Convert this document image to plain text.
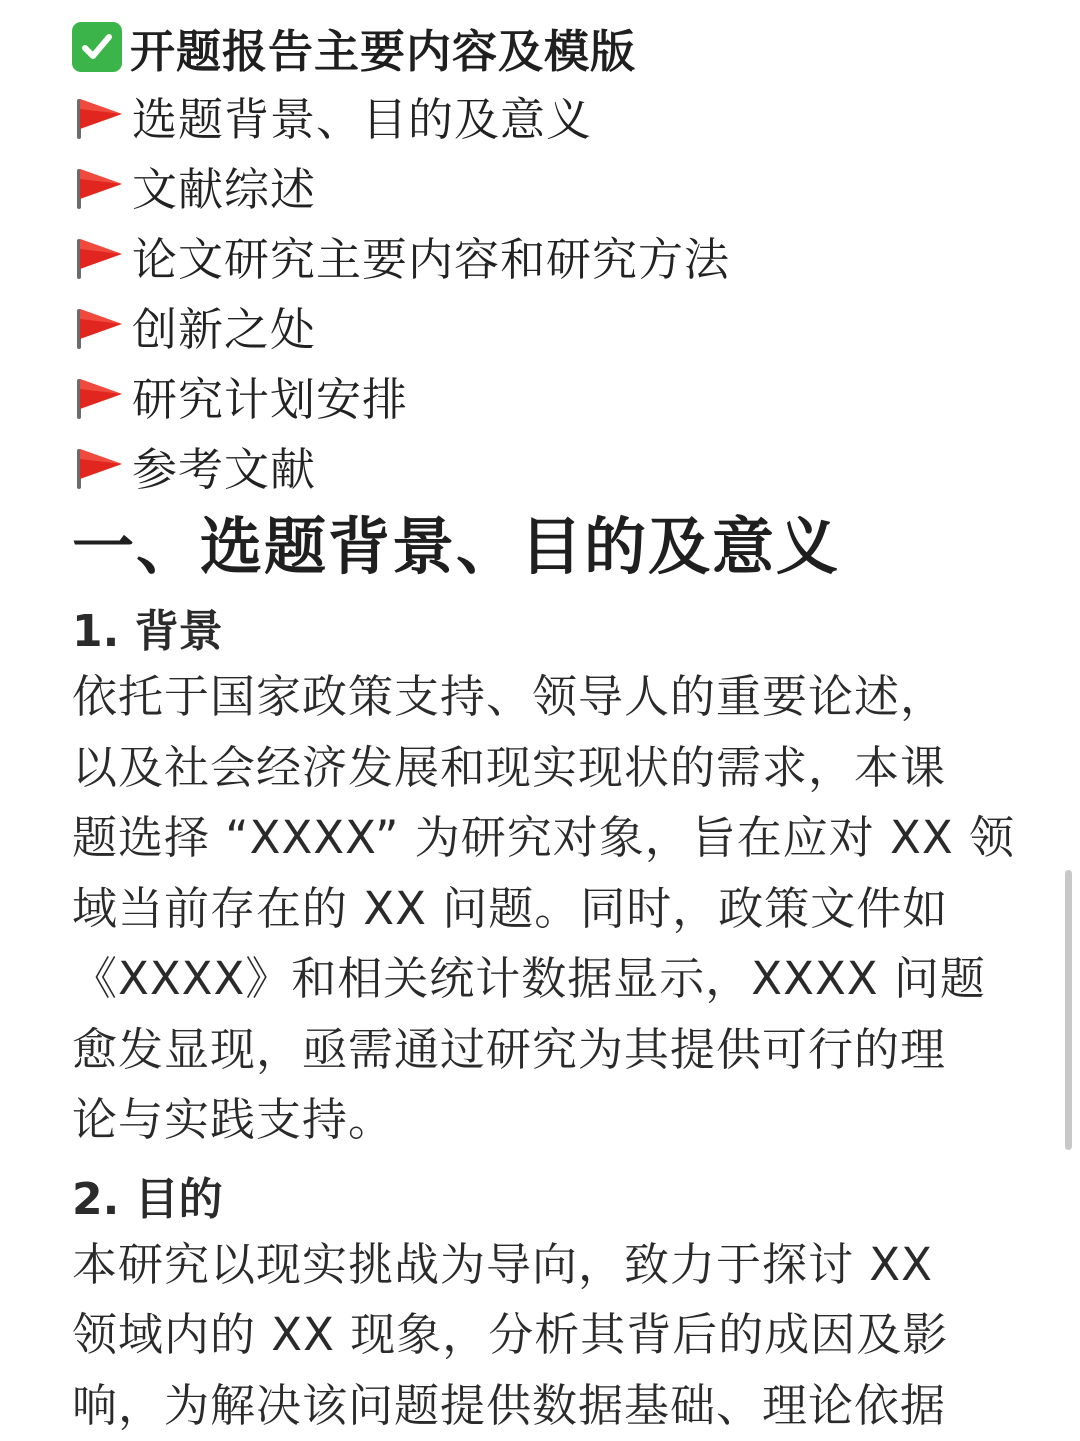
开题报告主要内容及模版
选题背景、目的及意义
文献综述
论文研究主要内容和研究方法
创新之处
研究计划安排
参考文献
一、选题背景、目的及意义
1. 背景
依托于国家政策支持、领导人的重要论述，
以及社会经济发展和现实现状的需求，本课
题选择 “XXXX” 为研究对象，旨在应对 XX 领
域当前存在的 XX 问题。同时，政策文件如
《XXXX》和相关统计数据显示，XXXX 问题
愈发显现，亟需通过研究为其提供可行的理
论与实践支持。
2. 目的
本研究以现实挑战为导向，致力于探讨 XX
领域内的 XX 现象，分析其背后的成因及影
响，为解决该问题提供数据基础、理论依据
